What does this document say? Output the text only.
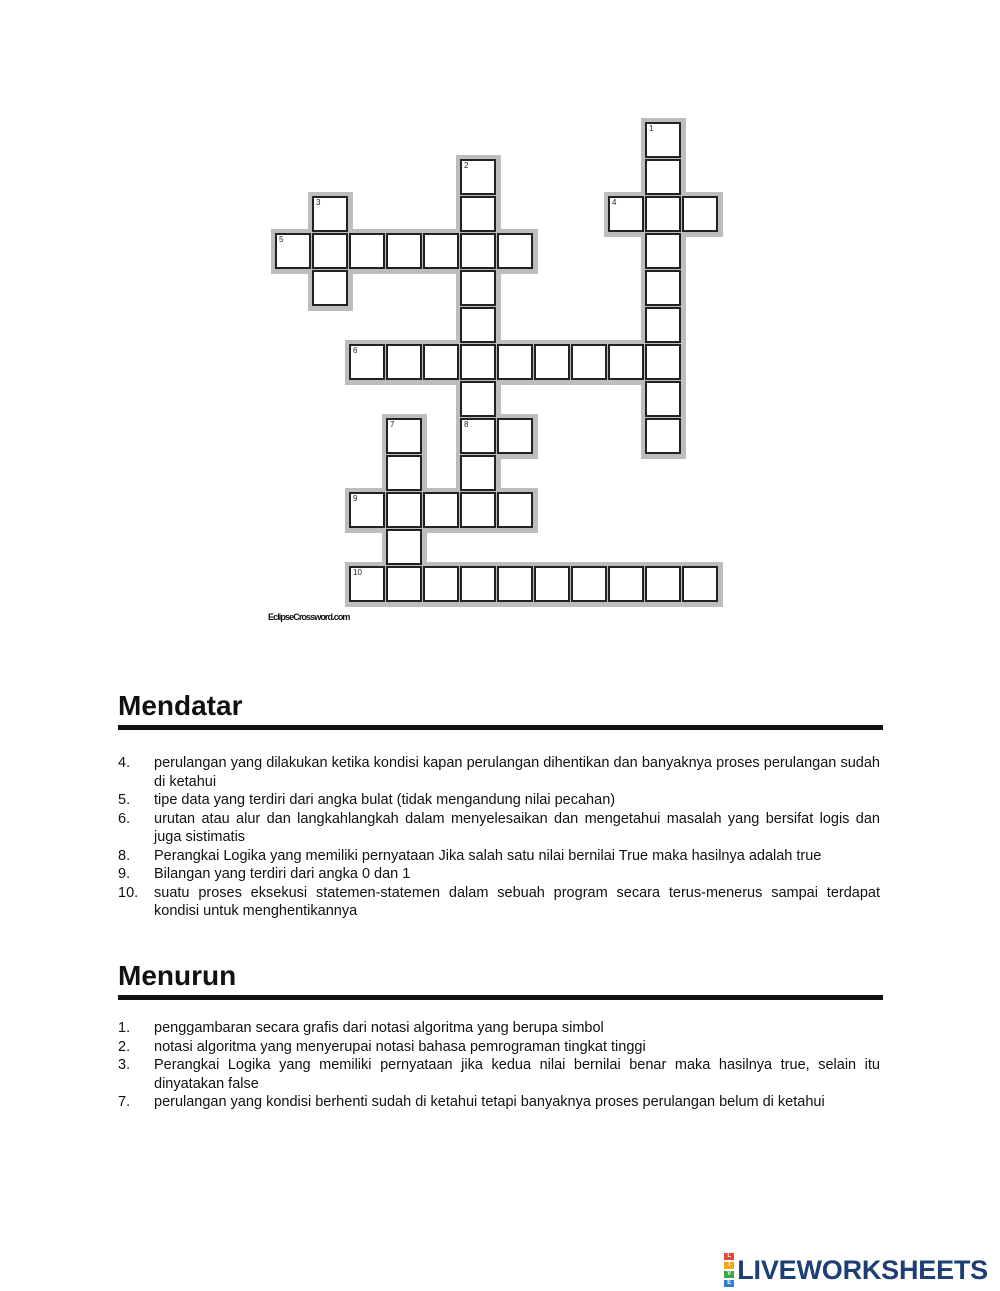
1
2
8
3	4
5
6
7
9
10
EclipseCrossword.com
Mendatar
4. perulangan yang dilakukan ketika kondisi kapan perulangan dihentikan dan banyaknya proses perulangan sudah di ketahui
5. tipe data yang terdiri dari angka bulat (tidak mengandung nilai pecahan)
6. urutan atau alur dan langkahlangkah dalam menyelesaikan dan mengetahui masalah yang bersifat logis dan juga sistimatis
8. Perangkai Logika yang memiliki pernyataan Jika salah satu nilai bernilai True maka hasilnya adalah true
9. Bilangan yang terdiri dari angka 0 dan 1
10. suatu proses eksekusi statemen-statemen dalam sebuah program secara terus-menerus sampai terdapat kondisi untuk menghentikannya
Menurun
1. penggambaran secara grafis dari notasi algoritma yang berupa simbol
2. notasi algoritma yang menyerupai notasi bahasa pemrograman tingkat tinggi
3. Perangkai Logika yang memiliki pernyataan jika kedua nilai bernilai benar maka hasilnya true, selain itu dinyatakan false
7. perulangan yang kondisi berhenti sudah di ketahui tetapi banyaknya proses perulangan belum di ketahui
L
I
V
E LIVEWORKSHEETS
